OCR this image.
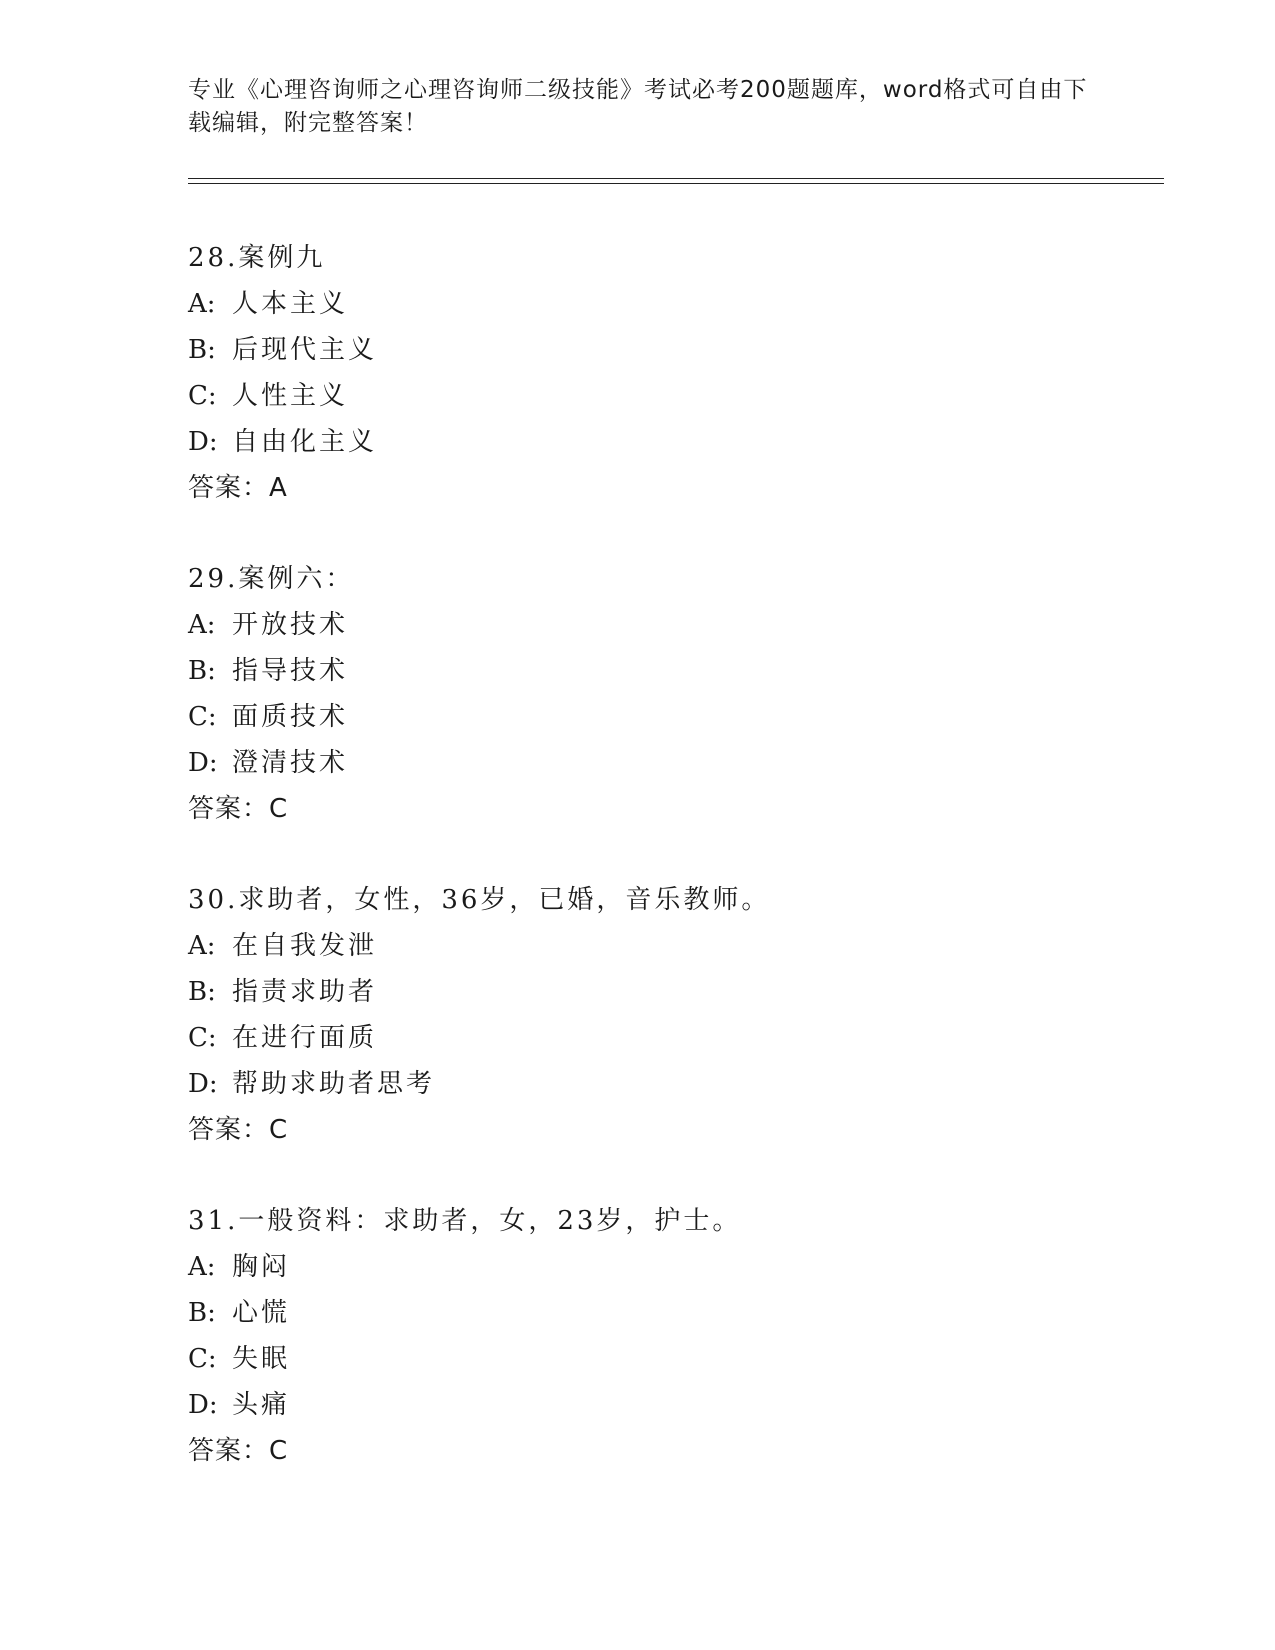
专业《心理咨询师之心理咨询师二级技能》考试必考200题题库，word格式可自由下载编辑，附完整答案！
28.案例九
A: 人本主义
B: 后现代主义
C: 人性主义
D: 自由化主义
答案：A
29.案例六：
A: 开放技术
B: 指导技术
C: 面质技术
D: 澄清技术
答案：C
30.求助者，女性，36岁，已婚，音乐教师。
A: 在自我发泄
B: 指责求助者
C: 在进行面质
D: 帮助求助者思考
答案：C
31.一般资料：求助者，女，23岁，护士。
A: 胸闷
B: 心慌
C: 失眠
D: 头痛
答案：C
